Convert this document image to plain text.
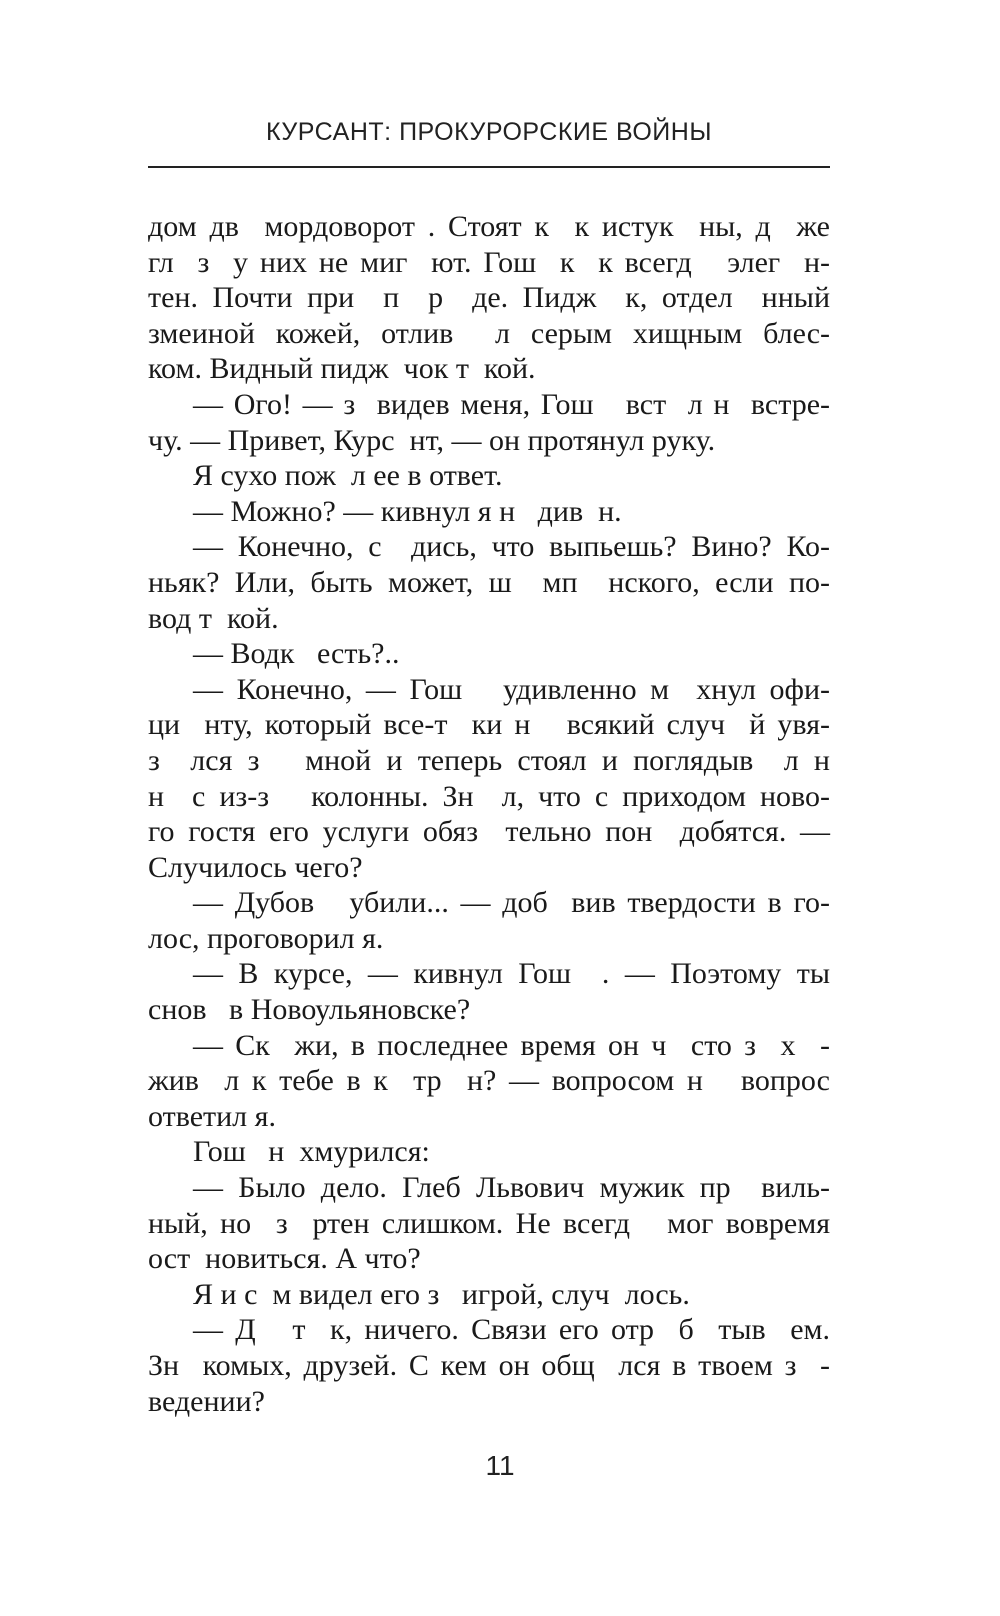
КУРСАНТ: ПРОКУРОРСКИЕ ВОЙНЫ
дом дв  мордоворот . Стоят к  к истук  ны, д  же
гл  з  у них не миг  ют. Гош  к  к всегд   элег  н-
тен. Почти при  п  р  де. Пидж  к, отдел  нный
змеиной кожей, отлив  л серым хищным блес-
ком. Видный пидж  чок т  кой.
— Ого! — з  видев меня, Гош   вст  л н  встре-
чу. — Привет, Курс  нт, — он протянул руку.
Я сухо пож  л ее в ответ.
— Можно? — кивнул я н   див  н.
— Конечно, с  дись, что выпьешь? Вино? Ко-
ньяк? Или, быть может, ш  мп  нского, если по-
вод т  кой.
— Водк   есть?..
— Конечно, — Гош   удивленно м  хнул офи-
ци  нту, который все-т  ки н   всякий случ  й увя-
з  лся з   мной и теперь стоял и поглядыв  л н
н  с из-з   колонны. Зн  л, что с приходом ново-
го гостя его услуги обяз  тельно пон  добятся. —
Случилось чего?
— Дубов   убили... — доб  вив твердости в го-
лос, проговорил я.
— В курсе, — кивнул Гош  . — Поэтому ты
снов   в Новоульяновске?
— Ск  жи, в последнее время он ч  сто з  х  -
жив  л к тебе в к  тр  н? — вопросом н   вопрос
ответил я.
Гош   н  хмурился:
— Было дело. Глеб Львович мужик пр  виль-
ный, но  з  ртен слишком. Не всегд   мог вовремя
ост  новиться. А что?
Я и с  м видел его з   игрой, случ  лось.
— Д   т  к, ничего. Связи его отр  б  тыв  ем.
Зн  комых, друзей. С кем он общ  лся в твоем з  -
ведении?
11
